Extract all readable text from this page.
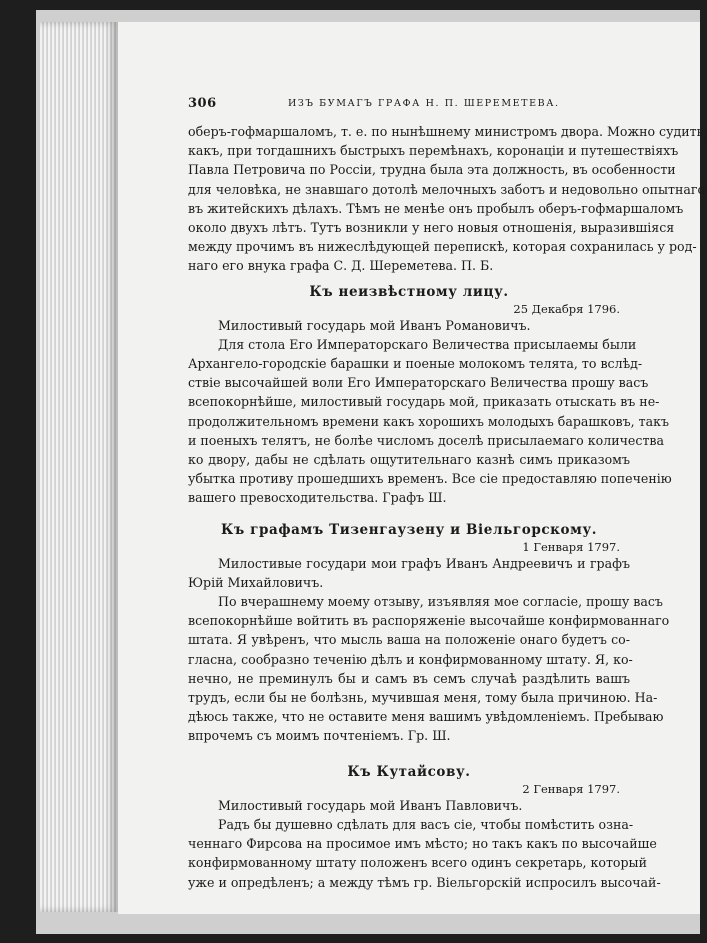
306	ИЗЪ БУМАГЪ ГРАФА Н. П. ШЕРЕМЕТЕВА.
оберъ-гофмаршаломъ, т. е. по нынѣшнему министромъ двора. Можно судить,
какъ, при тогдашнихъ быстрыхъ перемѣнахъ, коронаціи и путешествіяхъ
Павла Петровича по Россіи, трудна была эта должность, въ особенности
для человѣка, не знавшаго дотолѣ мелочныхъ заботъ и недовольно опытнаго
въ житейскихъ дѣлахъ. Тѣмъ не менѣе онъ пробылъ оберъ-гофмаршаломъ
около двухъ лѣтъ. Тутъ возникли у него новыя отношенія, выразившіяся
между прочимъ въ нижеслѣдующей перепискѣ, которая сохранилась у род-
наго его внука графа С. Д. Шереметева. П. Б.
Къ неизвѣстному лицу.
25 Декабря 1796.
Милостивый государь мой Иванъ Романовичъ.
Для стола Его Императорскаго Величества присылаемы были
Архангело-городскіе барашки и поеные молокомъ телята, то вслѣд-
ствіе высочайшей воли Его Императорскаго Величества прошу васъ
всепокорнѣйше, милостивый государь мой, приказать отыскать въ не-
продолжительномъ времени какъ хорошихъ молодыхъ барашковъ, такъ
и поеныхъ телятъ, не болѣе числомъ доселѣ присылаемаго количества
ко двору, дабы не сдѣлать ощутительнаго казнѣ симъ приказомъ
убытка противу прошедшихъ временъ. Все сіе предоставляю попеченію
вашего превосходительства. Графъ Ш.
Къ графамъ Тизенгаузену и Віельгорскому.
1 Генваря 1797.
Милостивые государи мои графъ Иванъ Андреевичъ и графъ
Юрій Михайловичъ.
По вчерашнему моему отзыву, изъявляя мое согласіе, прошу васъ
всепокорнѣйше войтить въ распоряженіе высочайше конфирмованнаго
штата. Я увѣренъ, что мысль ваша на положеніе онаго будетъ со-
гласна, сообразно теченію дѣлъ и конфирмованному штату. Я, ко-
нечно, не преминулъ бы и самъ въ семъ случаѣ раздѣлить вашъ
трудъ, если бы не болѣзнь, мучившая меня, тому была причиною. На-
дѣюсь также, что не оставите меня вашимъ увѣдомленіемъ. Пребываю
впрочемъ съ моимъ почтеніемъ. Гр. Ш.
Къ Кутайсову.
2 Генваря 1797.
Милостивый государь мой Иванъ Павловичъ.
Радъ бы душевно сдѣлать для васъ сіе, чтобы помѣстить озна-
ченнаго Фирсова на просимое имъ мѣсто; но такъ какъ по высочайше
конфирмованному штату положенъ всего одинъ секретарь, который
уже и опредѣленъ; а между тѣмъ гр. Віельгорскій испросилъ высочай-
